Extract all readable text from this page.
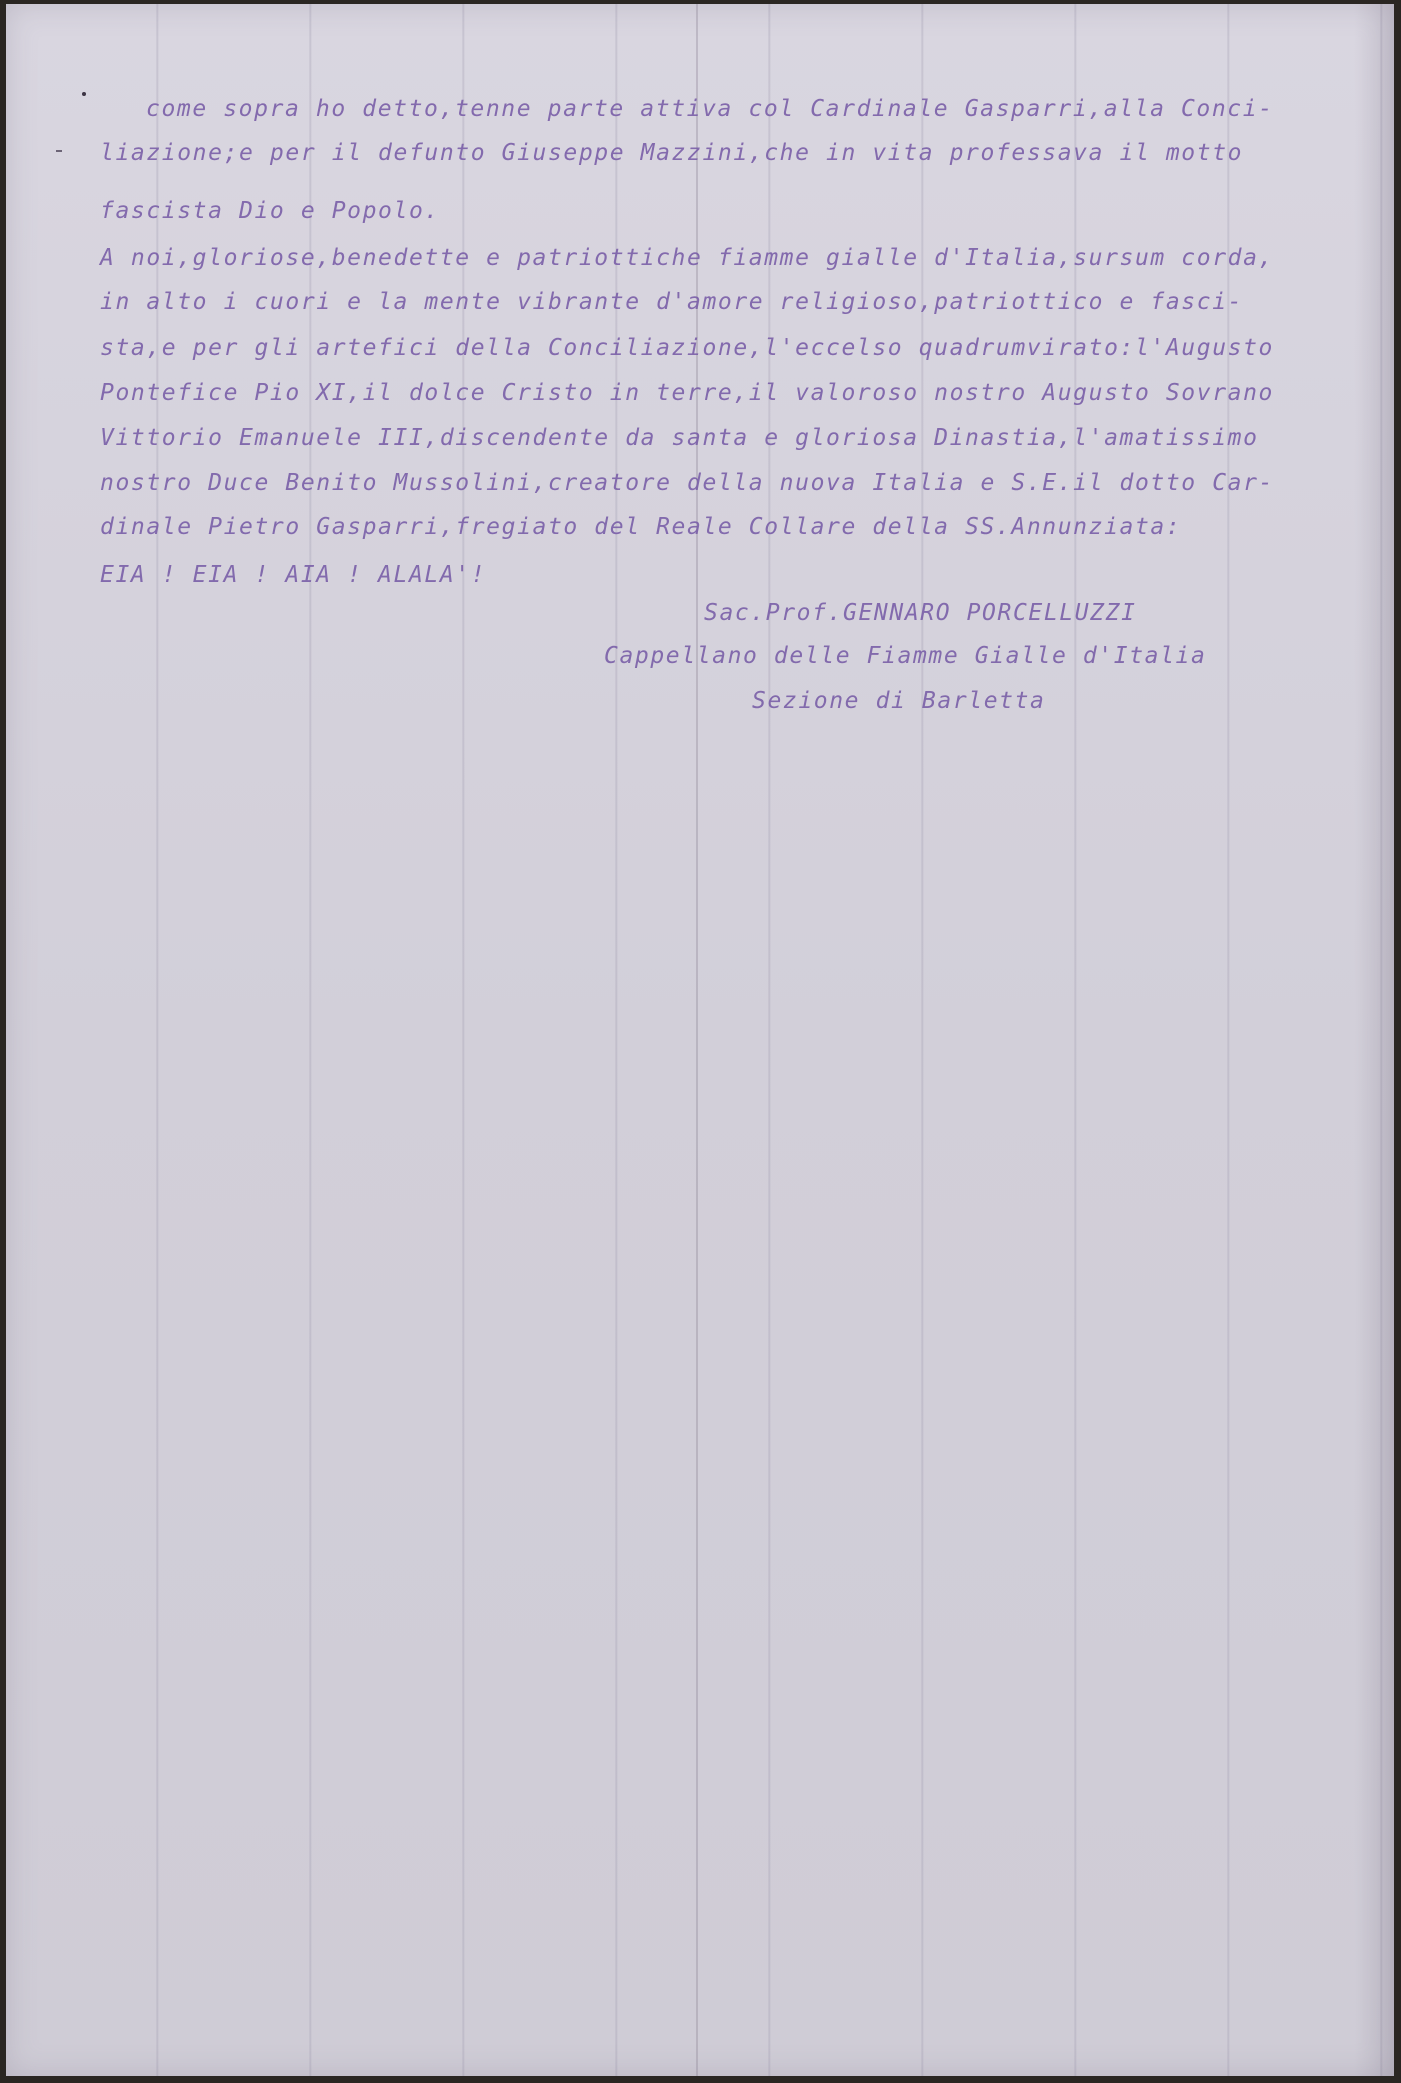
come sopra ho detto,tenne parte attiva col Cardinale Gasparri,alla Conci-
liazione;e per il defunto Giuseppe Mazzini,che in vita professava il motto
fascista Dio e Popolo.
A noi,gloriose,benedette e patriottiche fiamme gialle d'Italia,sursum corda,
in alto i cuori e la mente vibrante d'amore religioso,patriottico e fasci-
sta,e per gli artefici della Conciliazione,l'eccelso quadrumvirato:l'Augusto
Pontefice Pio XI,il dolce Cristo in terre,il valoroso nostro Augusto Sovrano
Vittorio Emanuele III,discendente da santa e gloriosa Dinastia,l'amatissimo
nostro Duce Benito Mussolini,creatore della nuova Italia e S.E.il dotto Car-
dinale Pietro Gasparri,fregiato del Reale Collare della SS.Annunziata:
EIA ! EIA ! AIA ! ALALA'!
Sac.Prof.GENNARO PORCELLUZZI
Cappellano delle Fiamme Gialle d'Italia
Sezione di Barletta
